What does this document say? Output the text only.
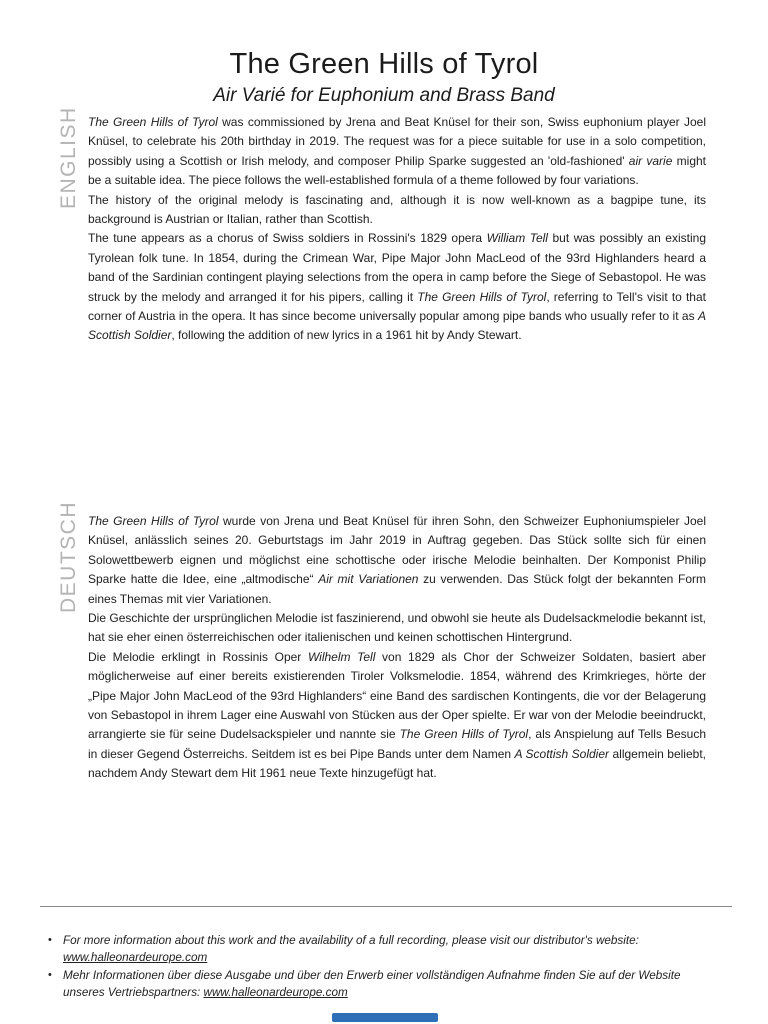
The Green Hills of Tyrol
Air Varié for Euphonium and Brass Band
ENGLISH The Green Hills of Tyrol was commissioned by Jrena and Beat Knüsel for their son, Swiss euphonium player Joel Knüsel, to celebrate his 20th birthday in 2019. The request was for a piece suitable for use in a solo competition, possibly using a Scottish or Irish melody, and composer Philip Sparke suggested an 'old-fashioned' air varie might be a suitable idea. The piece follows the well-established formula of a theme followed by four variations.

The history of the original melody is fascinating and, although it is now well-known as a bagpipe tune, its background is Austrian or Italian, rather than Scottish.

The tune appears as a chorus of Swiss soldiers in Rossini's 1829 opera William Tell but was possibly an existing Tyrolean folk tune. In 1854, during the Crimean War, Pipe Major John MacLeod of the 93rd Highlanders heard a band of the Sardinian contingent playing selections from the opera in camp before the Siege of Sebastopol. He was struck by the melody and arranged it for his pipers, calling it The Green Hills of Tyrol, referring to Tell's visit to that corner of Austria in the opera. It has since become universally popular among pipe bands who usually refer to it as A Scottish Soldier, following the addition of new lyrics in a 1961 hit by Andy Stewart.

DEUTSCH The Green Hills of Tyrol wurde von Jrena und Beat Knüsel für ihren Sohn, den Schweizer Euphoniumspieler Joel Knüsel, anlässlich seines 20. Geburtstags im Jahr 2019 in Auftrag gegeben. Das Stück sollte sich für einen Solowettbewerb eignen und möglichst eine schottische oder irische Melodie beinhalten. Der Komponist Philip Sparke hatte die Idee, eine „altmodische“ Air mit Variationen zu verwenden. Das Stück folgt der bekannten Form eines Themas mit vier Variationen.

Die Geschichte der ursprünglichen Melodie ist faszinierend, und obwohl sie heute als Dudelsackmelodie bekannt ist, hat sie eher einen österreichischen oder italienischen und keinen schottischen Hintergrund.

Die Melodie erklingt in Rossinis Oper Wilhelm Tell von 1829 als Chor der Schweizer Soldaten, basiert aber möglicherweise auf einer bereits existierenden Tiroler Volksmelodie. 1854, während des Krimkrieges, hörte der „Pipe Major John MacLeod of the 93rd Highlanders“ eine Band des sardischen Kontingents, die vor der Belagerung von Sebastopol in ihrem Lager eine Auswahl von Stücken aus der Oper spielte. Er war von der Melodie beeindruckt, arrangierte sie für seine Dudelsackspieler und nannte sie The Green Hills of Tyrol, als Anspielung auf Tells Besuch in dieser Gegend Österreichs. Seitdem ist es bei Pipe Bands unter dem Namen A Scottish Soldier allgemein beliebt, nachdem Andy Stewart dem Hit 1961 neue Texte hinzugefügt hat.

• For more information about this work and the availability of a full recording, please visit our distributor's website: www.halleonardeurope.com
• Mehr Informationen über diese Ausgabe und über den Erwerb einer vollständigen Aufnahme finden Sie auf der Website unseres Vertriebspartners: www.halleonardeurope.com
